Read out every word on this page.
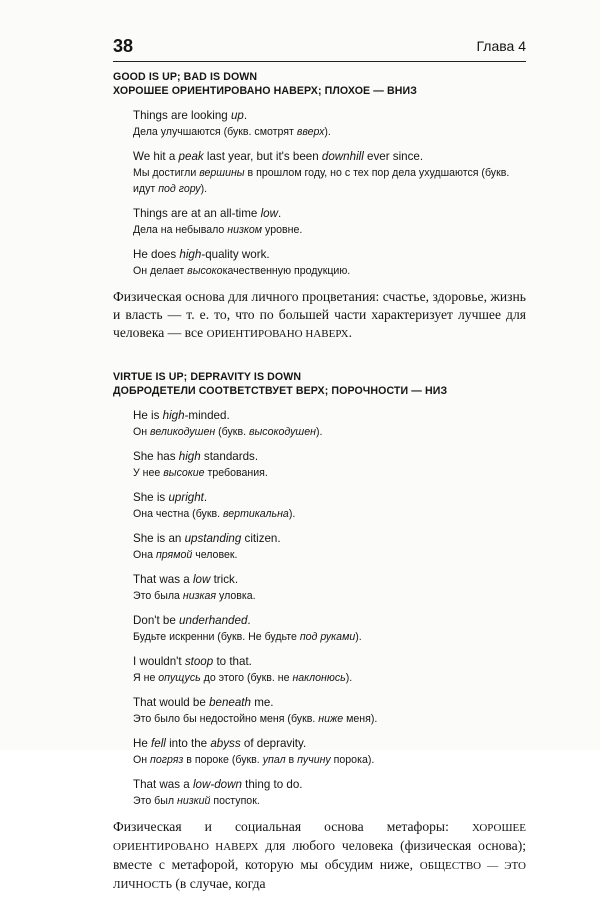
38	Глава 4
GOOD IS UP; BAD IS DOWN
ХОРОШЕЕ ОРИЕНТИРОВАНО НАВЕРХ; ПЛОХОЕ — ВНИЗ
Things are looking up.
Дела улучшаются (букв. смотрят вверх).
We hit a peak last year, but it's been downhill ever since.
Мы достигли вершины в прошлом году, но с тех пор дела ухудшаются (букв. идут под гору).
Things are at an all-time low.
Дела на небывало низком уровне.
He does high-quality work.
Он делает высококачественную продукцию.

Физическая основа для личного процветания: счастье, здоровье, жизнь и власть — т. е. то, что по большей части характеризует лучшее для человека — все ОРИЕНТИРОВАНО НАВЕРХ.

VIRTUE IS UP; DEPRAVITY IS DOWN
ДОБРОДЕТЕЛИ СООТВЕТСТВУЕТ ВЕРХ; ПОРОЧНОСТИ — НИЗ
He is high-minded.
Он великодушен (букв. высокодушен).
She has high standards.
У нее высокие требования.
She is upright.
Она честна (букв. вертикальна).
She is an upstanding citizen.
Она прямой человек.
That was a low trick.
Это была низкая уловка.
Don't be underhanded.
Будьте искренни (букв. Не будьте под руками).
I wouldn't stoop to that.
Я не опущусь до этого (букв. не наклонюсь).
That would be beneath me.
Это было бы недостойно меня (букв. ниже меня).
He fell into the abyss of depravity.
Он погряз в пороке (букв. упал в пучину порока).
That was a low-down thing to do.
Это был низкий поступок.

Физическая и социальная основа метафоры: ХОРОШЕЕ ОРИЕНТИРОВАНО НАВЕРХ для любого человека (физическая основа); вместе с метафорой, которую мы обсудим ниже, ОБЩЕСТВО — ЭТО ЛИЧНОСТЬ (в случае, когда
